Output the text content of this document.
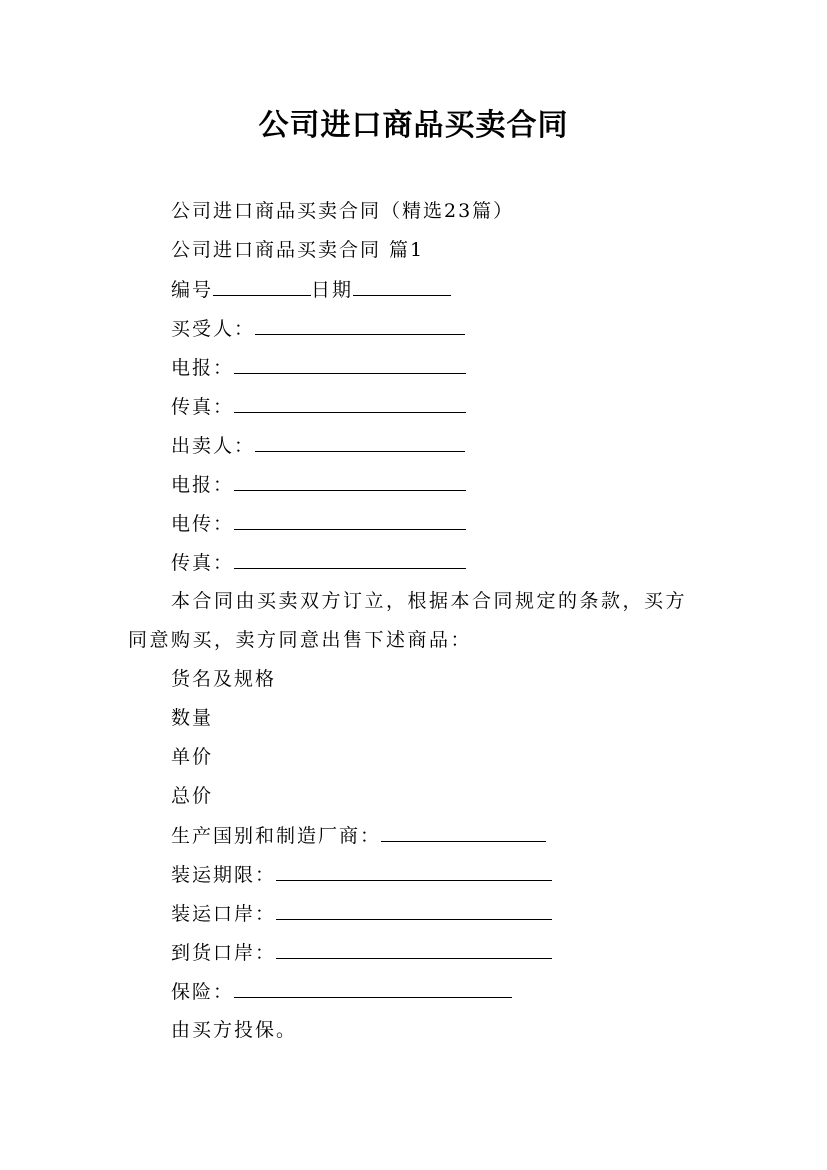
公司进口商品买卖合同
公司进口商品买卖合同（精选23篇）
公司进口商品买卖合同 篇1
编号	日期
买受人：
电报：
传真：
出卖人：
电报：
电传：
传真：
本合同由买卖双方订立，根据本合同规定的条款，买方同意购买，卖方同意出售下述商品：
货名及规格
数量
单价
总价
生产国别和制造厂商：
装运期限：
装运口岸：
到货口岸：
保险：
由买方投保。
